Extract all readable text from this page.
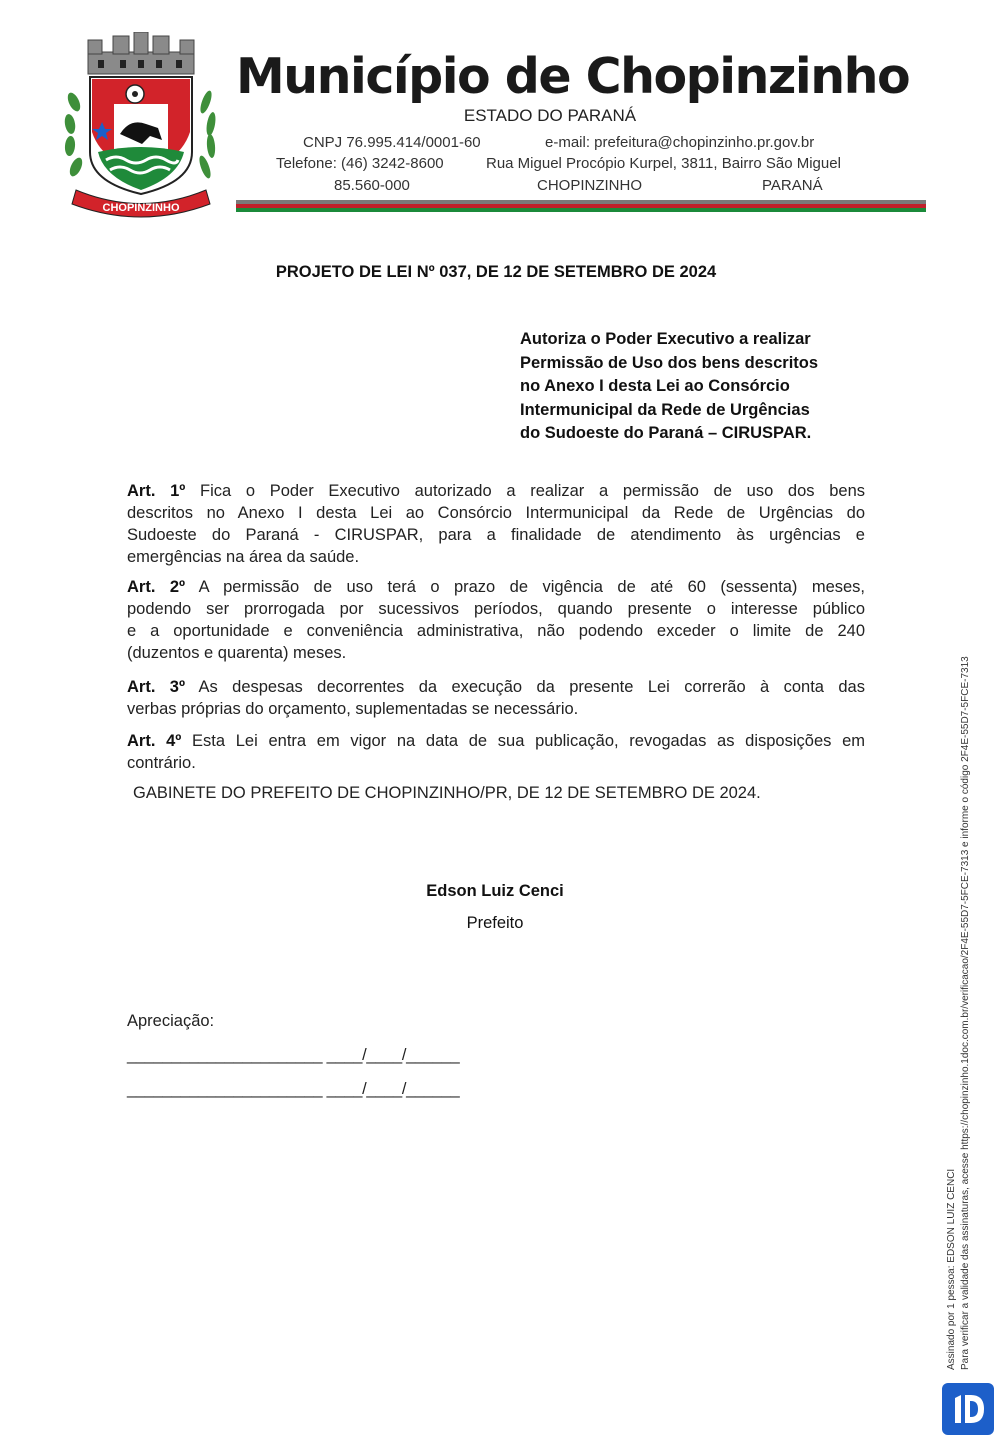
CHOPINZINHO
Município de Chopinzinho
ESTADO DO PARANÁ
CNPJ 76.995.414/0001-60	e-mail: prefeitura@chopinzinho.pr.gov.br
Telefone: (46) 3242-8600	Rua Miguel Procópio Kurpel, 3811, Bairro São Miguel
85.560-000	CHOPINZINHO	PARANÁ
PROJETO DE LEI Nº 037, DE 12 DE SETEMBRO DE 2024
Autoriza o Poder Executivo a realizar
Permissão de Uso dos bens descritos
no Anexo I desta Lei ao Consórcio
Intermunicipal da Rede de Urgências
do Sudoeste do Paraná – CIRUSPAR.
Art. 1º Fica o Poder Executivo autorizado a realizar a permissão de uso dos bens
descritos no Anexo I desta Lei ao Consórcio Intermunicipal da Rede de Urgências do
Sudoeste do Paraná - CIRUSPAR, para a finalidade de atendimento às urgências e
emergências na área da saúde.
Art. 2º A permissão de uso terá o prazo de vigência de até 60 (sessenta) meses,
podendo ser prorrogada por sucessivos períodos, quando presente o interesse público
e a oportunidade e conveniência administrativa, não podendo exceder o limite de 240
(duzentos e quarenta) meses.
Art. 3º As despesas decorrentes da execução da presente Lei correrão à conta das
verbas próprias do orçamento, suplementadas se necessário.
Art. 4º Esta Lei entra em vigor na data de sua publicação, revogadas as disposições em
contrário.
GABINETE DO PREFEITO DE CHOPINZINHO/PR, DE 12 DE SETEMBRO DE 2024.
Edson Luiz Cenci
Prefeito
Apreciação:
______________________ ____/____/______
______________________ ____/____/______
Assinado por 1 pessoa: EDSON LUIZ CENCI Para verificar a validade das assinaturas, acesse https://chopinzinho.1doc.com.br/verificacao/2F4E-55D7-5FCE-7313 e informe o código 2F4E-55D7-5FCE-7313
